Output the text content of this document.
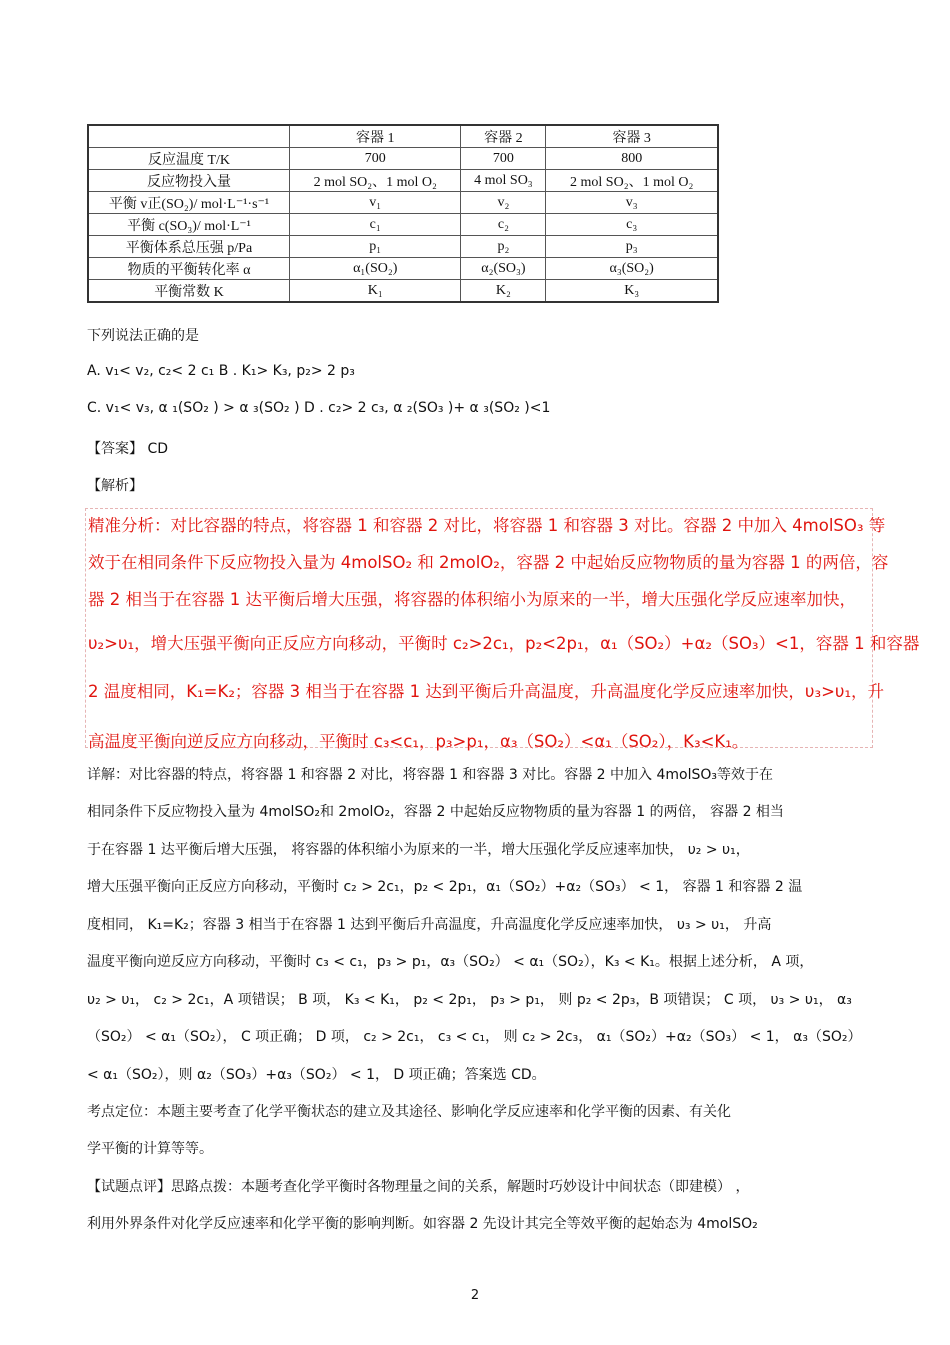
	容器 1	容器 2	容器 3
反应温度 T/K	700	700	800
反应物投入量	2 mol SO₂、1 mol O₂	4 mol SO₃	2 mol SO₂、1 mol O₂
平衡 v正(SO₂)/ mol·L⁻¹·s⁻¹	v₁	v₂	v₃
平衡 c(SO₃)/ mol·L⁻¹	c₁	c₂	c₃
平衡体系总压强 p/Pa	p₁	p₂	p₃
物质的平衡转化率 α	α₁(SO₂)	α₂(SO₃)	α₃(SO₂)
平衡常数 K	K₁	K₂	K₃
下列说法正确的是
A. v₁< v₂, c₂< 2 c₁ B . K₁> K₃, p₂> 2 p₃
C. v₁< v₃, α ₁(SO₂ ) > α ₃(SO₂ ) D . c₂> 2 c₃, α ₂(SO₃ )+ α ₃(SO₂ )<1
【答案】 CD
【解析】
精准分析：对比容器的特点，将容器 1 和容器 2 对比，将容器 1 和容器 3 对比。容器 2 中加入 4molSO₃ 等
效于在相同条件下反应物投入量为 4molSO₂ 和 2molO₂，容器 2 中起始反应物物质的量为容器 1 的两倍，容
器 2 相当于在容器 1 达平衡后增大压强，将容器的体积缩小为原来的一半，增大压强化学反应速率加快，
υ₂>υ₁，增大压强平衡向正反应方向移动，平衡时 c₂>2c₁，p₂<2p₁，α₁（SO₂）+α₂（SO₃）<1，容器 1 和容器
2 温度相同，K₁=K₂；容器 3 相当于在容器 1 达到平衡后升高温度，升高温度化学反应速率加快，υ₃>υ₁，升
高温度平衡向逆反应方向移动，平衡时 c₃<c₁，p₃>p₁，α₃（SO₂）<α₁（SO₂），K₃<K₁。
详解：对比容器的特点，将容器 1 和容器 2 对比，将容器 1 和容器 3 对比。容器 2 中加入 4molSO₃等效于在
相同条件下反应物投入量为 4molSO₂和 2molO₂，容器 2 中起始反应物物质的量为容器 1 的两倍， 容器 2 相当
于在容器 1 达平衡后增大压强， 将容器的体积缩小为原来的一半，增大压强化学反应速率加快， υ₂ > υ₁，
增大压强平衡向正反应方向移动，平衡时 c₂ > 2c₁，p₂ < 2p₁，α₁（SO₂）+α₂（SO₃） < 1， 容器 1 和容器 2 温
度相同， K₁=K₂；容器 3 相当于在容器 1 达到平衡后升高温度，升高温度化学反应速率加快， υ₃ > υ₁， 升高
温度平衡向逆反应方向移动，平衡时 c₃ < c₁，p₃ > p₁，α₃（SO₂） < α₁（SO₂），K₃ < K₁。根据上述分析， A 项，
υ₂ > υ₁， c₂ > 2c₁，A 项错误； B 项， K₃ < K₁， p₂ < 2p₁， p₃ > p₁， 则 p₂ < 2p₃，B 项错误； C 项， υ₃ > υ₁， α₃
（SO₂） < α₁（SO₂）， C 项正确； D 项， c₂ > 2c₁， c₃ < c₁， 则 c₂ > 2c₃， α₁（SO₂）+α₂（SO₃） < 1， α₃（SO₂）
< α₁（SO₂），则 α₂（SO₃）+α₃（SO₂） < 1， D 项正确；答案选 CD。
考点定位：本题主要考查了化学平衡状态的建立及其途径、影响化学反应速率和化学平衡的因素、有关化
学平衡的计算等等。
【试题点评】思路点拨：本题考查化学平衡时各物理量之间的关系，解题时巧妙设计中间状态（即建模） ，
利用外界条件对化学反应速率和化学平衡的影响判断。如容器 2 先设计其完全等效平衡的起始态为 4molSO₂
2
